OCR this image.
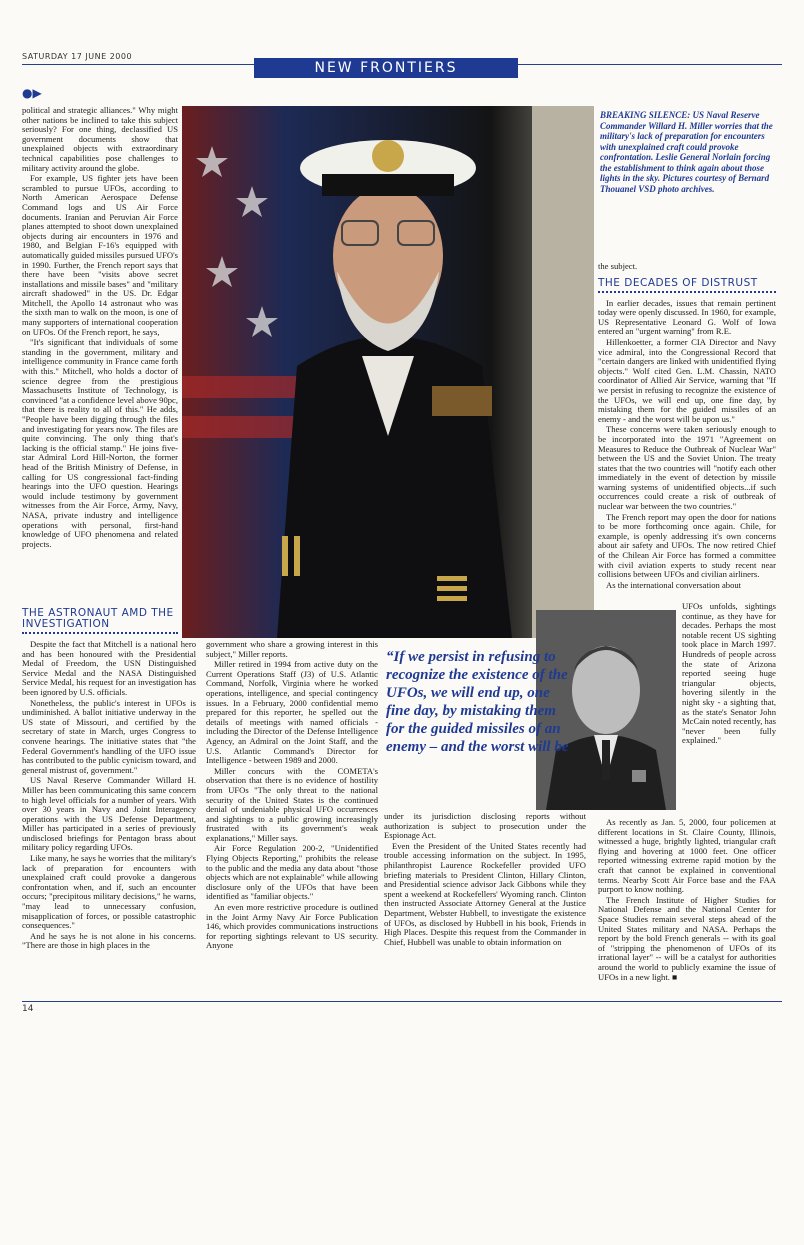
SATURDAY 17 JUNE 2000
NEW FRONTIERS
●▶

political and strategic alliances." Why might other nations be inclined to take this subject seriously? For one thing, declassified US government documents show that unexplained objects with extraordinary technical capabilities pose challenges to military activity around the globe.

For example, US fighter jets have been scrambled to pursue UFOs, according to North American Aerospace Defense Command logs and US Air Force documents. Iranian and Peruvian Air Force planes attempted to shoot down unexplained objects during air encounters in 1976 and 1980, and Belgian F-16's equipped with automatically guided missiles pursued UFO's in 1990. Further, the French report says that there have been "visits above secret installations and missile bases" and "military aircraft shadowed" in the US. Dr. Edgar Mitchell, the Apollo 14 astronaut who was the sixth man to walk on the moon, is one of many supporters of international cooperation on UFOs. Of the French report, he says,

"It's significant that individuals of some standing in the government, military and intelligence community in France came forth with this." Mitchell, who holds a doctor of science degree from the prestigious Massachusetts Institute of Technology, is convinced "at a confidence level above 90pc, that there is reality to all of this." He adds, "People have been digging through the files and investigating for years now. The files are quite convincing. The only thing that's lacking is the official stamp." He joins five-star Admiral Lord Hill-Norton, the former head of the British Ministry of Defense, in calling for US congressional fact-finding hearings into the UFO question. Hearings would include testimony by government witnesses from the Air Force, Army, Navy, NASA, private industry and intelligence operations with personal, first-hand knowledge of UFO phenomena and related projects.

BREAKING SILENCE: US Naval Reserve Commander Willard H. Miller worries that the military's lack of preparation for encounters with unexplained craft could provoke confrontation. Leslie General Norlain forcing the establishment to think again about those lights in the sky. Pictures courtesy of Bernard Thouanel VSD photo archives.

the subject.

THE DECADES OF DISTRUST

In earlier decades, issues that remain pertinent today were openly discussed. In 1960, for example, US Representative Leonard G. Wolf of Iowa entered an "urgent warning" from R.E.

Hillenkoetter, a former CIA Director and Navy vice admiral, into the Congressional Record that "certain dangers are linked with unidentified flying objects." Wolf cited Gen. L.M. Chassin, NATO coordinator of Allied Air Service, warning that "If we persist in refusing to recognize the existence of the UFOs, we will end up, one fine day, by mistaking them for the guided missiles of an enemy - and the worst will be upon us."

These concerns were taken seriously enough to be incorporated into the 1971 "Agreement on Measures to Reduce the Outbreak of Nuclear War" between the US and the Soviet Union. The treaty states that the two countries will "notify each other immediately in the event of detection by missile warning systems of unidentified objects...if such occurrences could create a risk of outbreak of nuclear war between the two countries."

The French report may open the door for nations to be more forthcoming once again. Chile, for example, is openly addressing it's own concerns about air safety and UFOs. The now retired Chief of the Chilean Air Force has formed a committee with civil aviation experts to study recent near collisions between UFOs and civilian airliners.

As the international conversation about

UFOs unfolds, sightings continue, as they have for decades. Perhaps the most notable recent US sighting took place in March 1997. Hundreds of people across the state of Arizona reported seeing huge triangular objects, hovering silently in the night sky - a sighting that, as the state's Senator John McCain noted recently, has "never been fully explained."

As recently as Jan. 5, 2000, four policemen at different locations in St. Claire County, Illinois, witnessed a huge, brightly lighted, triangular craft flying and hovering at 1000 feet. One officer reported witnessing extreme rapid motion by the craft that cannot be explained in conventional terms. Nearby Scott Air Force base and the FAA purport to know nothing.

The French Institute of Higher Studies for National Defense and the National Center for Space Studies remain several steps ahead of the United States military and NASA. Perhaps the report by the bold French generals -- with its goal of "stripping the phenomenon of UFOs of its irrational layer" -- will be a catalyst for authorities around the world to publicly examine the issue of UFOs in a new light. ■

THE ASTRONAUT AMD THE INVESTIGATION

Despite the fact that Mitchell is a national hero and has been honoured with the Presidential Medal of Freedom, the USN Distinguished Service Medal and the NASA Distinguished Service Medal, his request for an investigation has been ignored by U.S. officials.

Nonetheless, the public's interest in UFOs is undiminished. A ballot initiative underway in the US state of Missouri, and certified by the secretary of state in March, urges Congress to convene hearings. The initiative states that "the Federal Government's handling of the UFO issue has contributed to the public cynicism toward, and general mistrust of, government."

US Naval Reserve Commander Willard H. Miller has been communicating this same concern to high level officials for a number of years. With over 30 years in Navy and Joint Interagency operations with the US Defense Department, Miller has participated in a series of previously undisclosed briefings for Pentagon brass about military policy regarding UFOs.

Like many, he says he worries that the military's lack of preparation for encounters with unexplained craft could provoke a dangerous confrontation when, and if, such an encounter occurs; "precipitous military decisions," he warns, "may lead to unnecessary confusion, misapplication of forces, or possible catastrophic consequences."

And he says he is not alone in his concerns. "There are those in high places in the

government who share a growing interest in this subject," Miller reports.

Miller retired in 1994 from active duty on the Current Operations Staff (J3) of U.S. Atlantic Command, Norfolk, Virginia where he worked operations, intelligence, and special contingency issues. In a February, 2000 confidential memo prepared for this reporter, he spelled out the details of meetings with named officials - including the Director of the Defense Intelligence Agency, an Admiral on the Joint Staff, and the U.S. Atlantic Command's Director for Intelligence - between 1989 and 2000.

Miller concurs with the COMETA's observation that there is no evidence of hostility from UFOs "The only threat to the national security of the United States is the continued denial of undeniable physical UFO occurrences and sightings to a public growing increasingly frustrated with its government's weak explanations," Miller says.

Air Force Regulation 200-2, "Unidentified Flying Objects Reporting," prohibits the release to the public and the media any data about "those objects which are not explainable" while allowing disclosure only of the UFOs that have been identified as "familiar objects."

An even more restrictive procedure is outlined in the Joint Army Navy Air Force Publication 146, which provides communications instructions for reporting sightings relevant to US security. Anyone

“If we persist in refusing to recognize the existence of the UFOs, we will end up, one fine day, by mistaking them for the guided missiles of an enemy – and the worst will be

under its jurisdiction disclosing reports without authorization is subject to prosecution under the Espionage Act.

Even the President of the United States recently had trouble accessing information on the subject. In 1995, philanthropist Laurence Rockefeller provided UFO briefing materials to President Clinton, Hillary Clinton, and Presidential science advisor Jack Gibbons while they spent a weekend at Rockefellers' Wyoming ranch. Clinton then instructed Associate Attorney General at the Justice Department, Webster Hubbell, to investigate the existence of UFOs, as disclosed by Hubbell in his book, Friends in High Places. Despite this request from the Commander in Chief, Hubbell was unable to obtain information on

14
